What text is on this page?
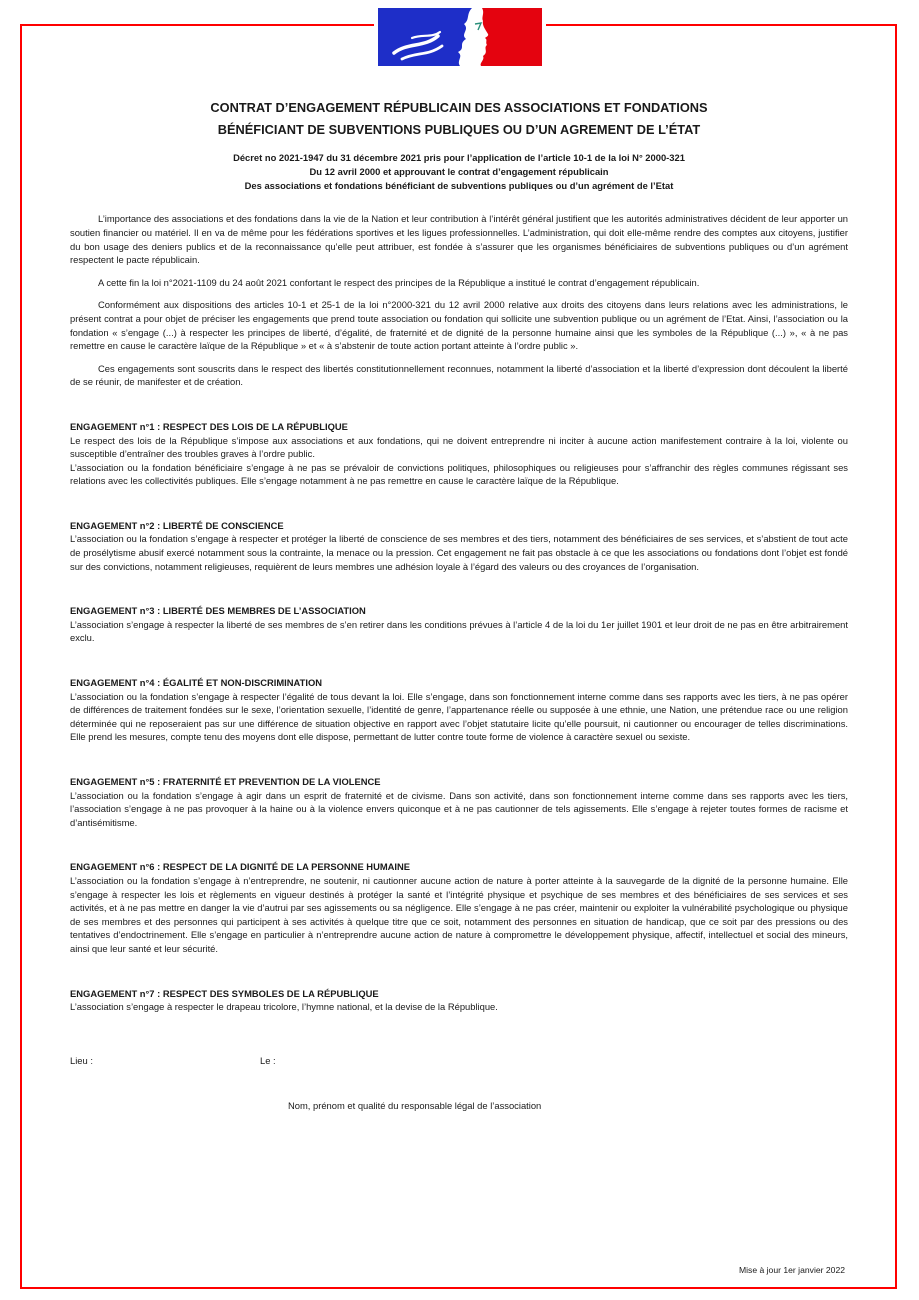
CONTRAT D’ENGAGEMENT RÉPUBLICAIN DES ASSOCIATIONS ET FONDATIONS
BÉNÉFICIANT DE SUBVENTIONS PUBLIQUES OU D’UN AGREMENT DE L’ÉTAT
Décret no 2021-1947 du 31 décembre 2021 pris pour l’application de l’article 10-1 de la loi N° 2000-321
Du 12 avril 2000 et approuvant le contrat d’engagement républicain
Des associations et fondations bénéficiant de subventions publiques ou d’un agrément de l’Etat

L’importance des associations et des fondations dans la vie de la Nation et leur contribution à l’intérêt général justifient que les autorités administratives décident de leur apporter un soutien financier ou matériel. Il en va de même pour les fédérations sportives et les ligues professionnelles. L’administration, qui doit elle-même rendre des comptes aux citoyens, justifier du bon usage des deniers publics et de la reconnaissance qu’elle peut attribuer, est fondée à s’assurer que les organismes bénéficiaires de subventions publiques ou d’un agrément respectent le pacte républicain.

A cette fin la loi n°2021-1109 du 24 août 2021 confortant le respect des principes de la République a institué le contrat d’engagement républicain.

Conformément aux dispositions des articles 10-1 et 25-1 de la loi n°2000-321 du 12 avril 2000 relative aux droits des citoyens dans leurs relations avec les administrations, le présent contrat a pour objet de préciser les engagements que prend toute association ou fondation qui sollicite une subvention publique ou un agrément de l’Etat. Ainsi, l’association ou la fondation « s’engage (...) à respecter les principes de liberté, d’égalité, de fraternité et de dignité de la personne humaine ainsi que les symboles de la République (...) », « à ne pas remettre en cause le caractère laïque de la République » et « à s’abstenir de toute action portant atteinte à l’ordre public ».

Ces engagements sont souscrits dans le respect des libertés constitutionnellement reconnues, notamment la liberté d’association et la liberté d’expression dont découlent la liberté de se réunir, de manifester et de création.

ENGAGEMENT n°1 : RESPECT DES LOIS DE LA RÉPUBLIQUE

Le respect des lois de la République s’impose aux associations et aux fondations, qui ne doivent entreprendre ni inciter à aucune action manifestement contraire à la loi, violente ou susceptible d’entraîner des troubles graves à l’ordre public.

L’association ou la fondation bénéficiaire s’engage à ne pas se prévaloir de convictions politiques, philosophiques ou religieuses pour s’affranchir des règles communes régissant ses relations avec les collectivités publiques. Elle s’engage notamment à ne pas remettre en cause le caractère laïque de la République.

ENGAGEMENT n°2 : LIBERTÉ DE CONSCIENCE

L’association ou la fondation s’engage à respecter et protéger la liberté de conscience de ses membres et des tiers, notamment des bénéficiaires de ses services, et s’abstient de tout acte de prosélytisme abusif exercé notamment sous la contrainte, la menace ou la pression. Cet engagement ne fait pas obstacle à ce que les associations ou fondations dont l’objet est fondé sur des convictions, notamment religieuses, requièrent de leurs membres une adhésion loyale à l’égard des valeurs ou des croyances de l’organisation.

ENGAGEMENT n°3 : LIBERTÉ DES MEMBRES DE L’ASSOCIATION

L’association s’engage à respecter la liberté de ses membres de s’en retirer dans les conditions prévues à l’article 4 de la loi du 1er juillet 1901 et leur droit de ne pas en être arbitrairement exclu.

ENGAGEMENT n°4 : ÉGALITÉ ET NON-DISCRIMINATION

L’association ou la fondation s’engage à respecter l’égalité de tous devant la loi. Elle s’engage, dans son fonctionnement interne comme dans ses rapports avec les tiers, à ne pas opérer de différences de traitement fondées sur le sexe, l’orientation sexuelle, l’identité de genre, l’appartenance réelle ou supposée à une ethnie, une Nation, une prétendue race ou une religion déterminée qui ne reposeraient pas sur une différence de situation objective en rapport avec l’objet statutaire licite qu’elle poursuit, ni cautionner ou encourager de telles discriminations. Elle prend les mesures, compte tenu des moyens dont elle dispose, permettant de lutter contre toute forme de violence à caractère sexuel ou sexiste.

ENGAGEMENT n°5 : FRATERNITÉ ET PREVENTION DE LA VIOLENCE

L’association ou la fondation s’engage à agir dans un esprit de fraternité et de civisme. Dans son activité, dans son fonctionnement interne comme dans ses rapports avec les tiers, l’association s’engage à ne pas provoquer à la haine ou à la violence envers quiconque et à ne pas cautionner de tels agissements. Elle s’engage à rejeter toutes formes de racisme et d’antisémitisme.

ENGAGEMENT n°6 : RESPECT DE LA DIGNITÉ DE LA PERSONNE HUMAINE

L’association ou la fondation s’engage à n’entreprendre, ne soutenir, ni cautionner aucune action de nature à porter atteinte à la sauvegarde de la dignité de la personne humaine. Elle s’engage à respecter les lois et règlements en vigueur destinés à protéger la santé et l’intégrité physique et psychique de ses membres et des bénéficiaires de ses services et ses activités, et à ne pas mettre en danger la vie d’autrui par ses agissements ou sa négligence. Elle s’engage à ne pas créer, maintenir ou exploiter la vulnérabilité psychologique ou physique de ses membres et des personnes qui participent à ses activités à quelque titre que ce soit, notamment des personnes en situation de handicap, que ce soit par des pressions ou des tentatives d’endoctrinement. Elle s’engage en particulier à n’entreprendre aucune action de nature à compromettre le développement physique, affectif, intellectuel et social des mineurs, ainsi que leur santé et leur sécurité.

ENGAGEMENT n°7 : RESPECT DES SYMBOLES DE LA RÉPUBLIQUE

L’association s’engage à respecter le drapeau tricolore, l’hymne national, et la devise de la République.

Lieu :	Le :
Nom, prénom et qualité du responsable légal de l’association
Mise à jour 1er janvier 2022
